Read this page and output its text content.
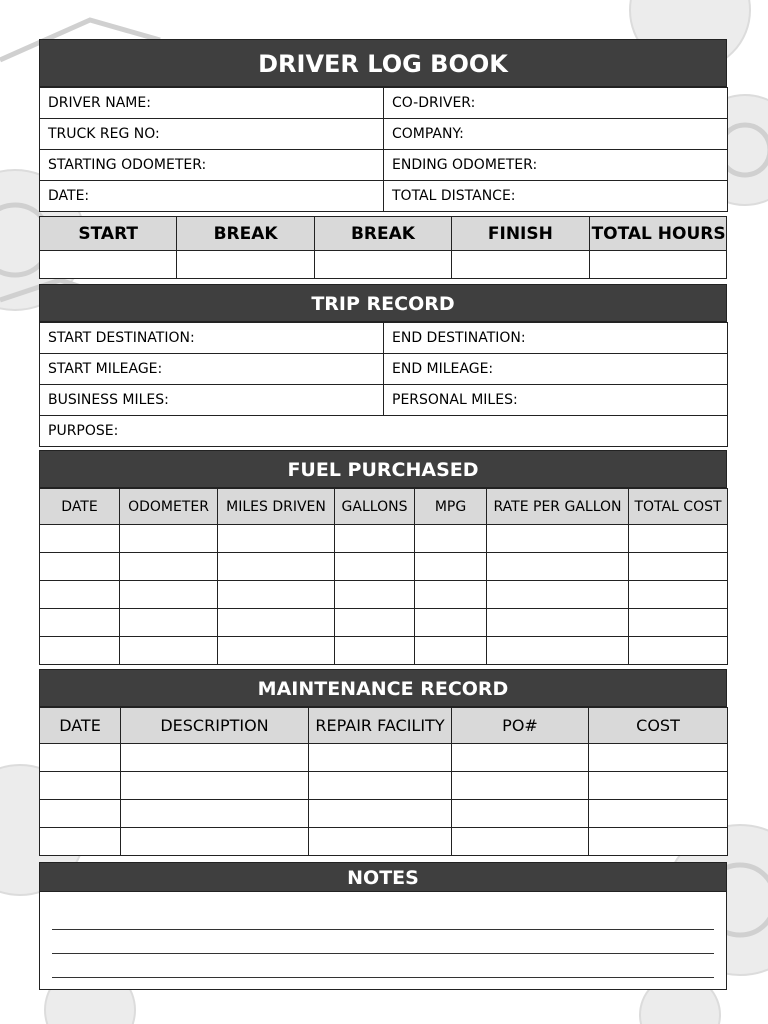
DRIVER LOG BOOK
DRIVER NAME:	CO-DRIVER:
TRUCK REG NO:	COMPANY:
STARTING ODOMETER:	ENDING ODOMETER:
DATE:	TOTAL DISTANCE:
START	BREAK	BREAK	FINISH	TOTAL HOURS

TRIP RECORD
START DESTINATION:	END DESTINATION:
START MILEAGE:	END MILEAGE:
BUSINESS MILES:	PERSONAL MILES:
PURPOSE:	
FUEL PURCHASED
DATE	ODOMETER	MILES DRIVEN	GALLONS	MPG	RATE PER GALLON	TOTAL COST

MAINTENANCE RECORD
DATE	DESCRIPTION	REPAIR FACILITY	PO#	COST

NOTES
